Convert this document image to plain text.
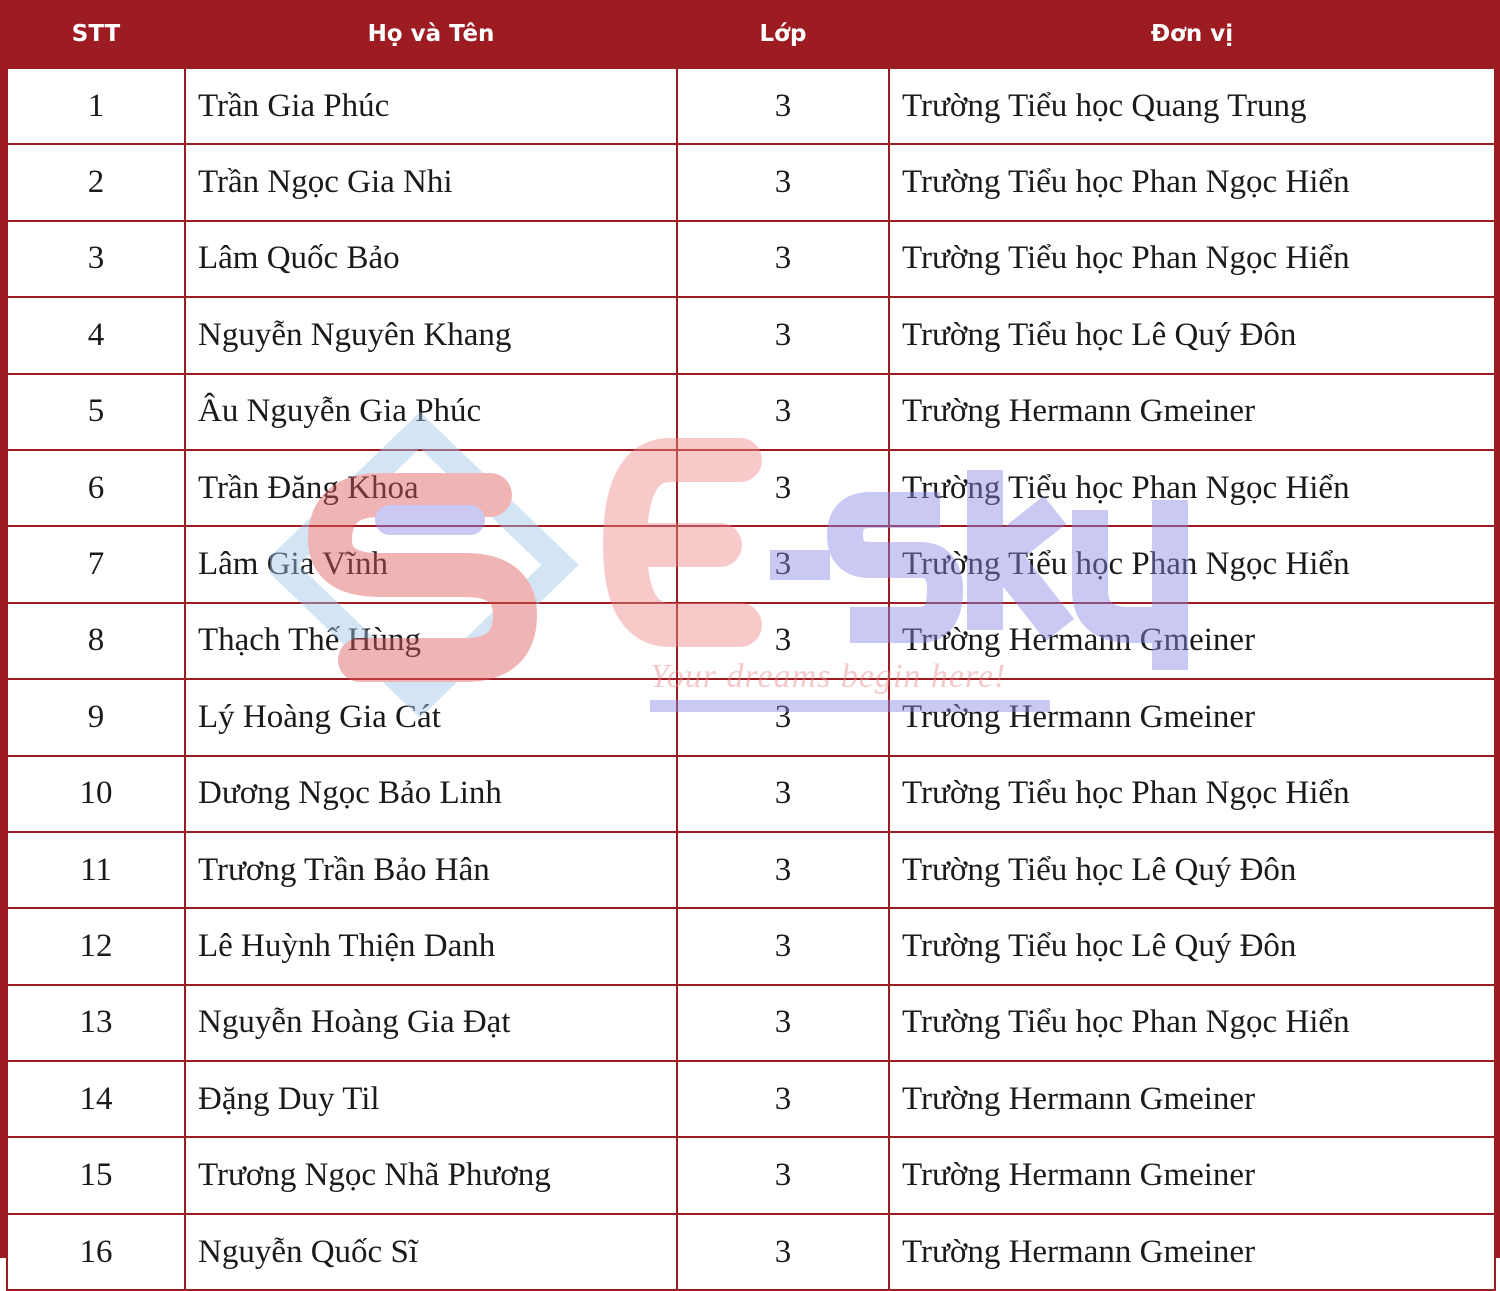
STT	Họ và Tên	Lớp	Đơn vị
1	Trần Gia Phúc	3	Trường Tiểu học Quang Trung
2	Trần Ngọc Gia Nhi	3	Trường Tiểu học Phan Ngọc Hiển
3	Lâm Quốc Bảo	3	Trường Tiểu học Phan Ngọc Hiển
4	Nguyễn Nguyên Khang	3	Trường Tiểu học Lê Quý Đôn
5	Âu Nguyễn Gia Phúc	3	Trường Hermann Gmeiner
6	Trần Đăng Khoa	3	Trường Tiểu học Phan Ngọc Hiển
7	Lâm Gia Vĩnh	3	Trường Tiểu học Phan Ngọc Hiển
8	Thạch Thế Hùng	3	Trường Hermann Gmeiner
9	Lý Hoàng Gia Cát	3	Trường Hermann Gmeiner
10	Dương Ngọc Bảo Linh	3	Trường Tiểu học Phan Ngọc Hiển
11	Trương Trần Bảo Hân	3	Trường Tiểu học Lê Quý Đôn
12	Lê Huỳnh Thiện Danh	3	Trường Tiểu học Lê Quý Đôn
13	Nguyễn Hoàng Gia Đạt	3	Trường Tiểu học Phan Ngọc Hiển
14	Đặng Duy Til	3	Trường Hermann Gmeiner
15	Trương Ngọc Nhã Phương	3	Trường Hermann Gmeiner
16	Nguyễn Quốc Sĩ	3	Trường Hermann Gmeiner
Your dreams begin here!
